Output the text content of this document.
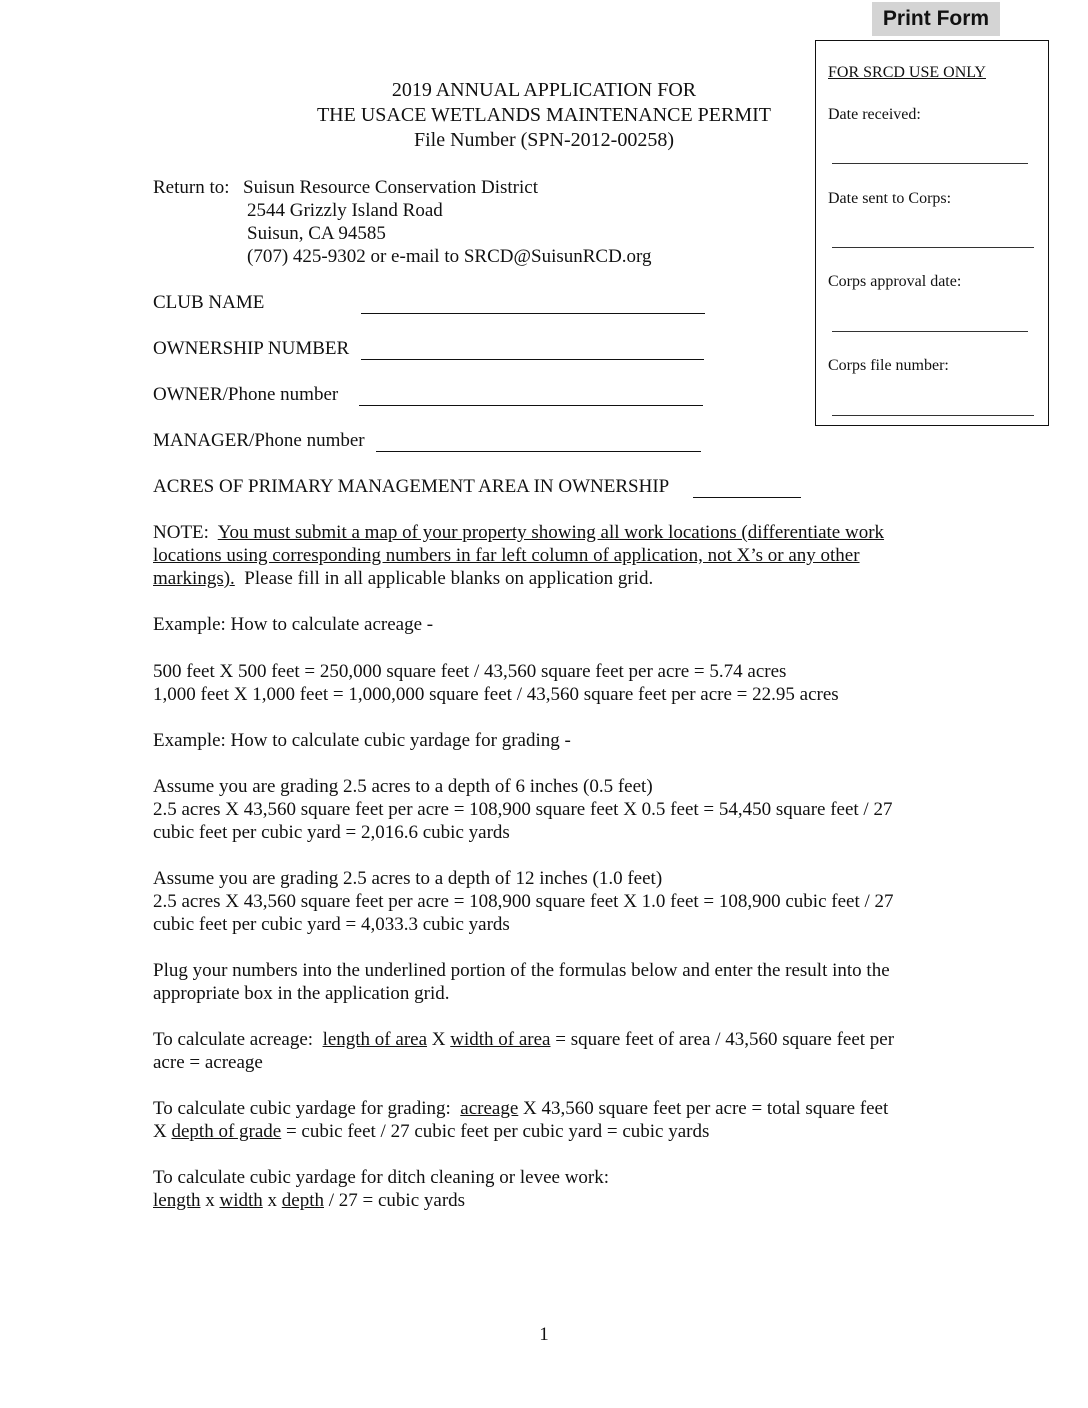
Print Form
FOR SRCD USE ONLY
Date received:
Date sent to Corps:
Corps approval date:
Corps file number:
2019 ANNUAL APPLICATION FOR
THE USACE WETLANDS MAINTENANCE PERMIT
File Number (SPN-2012-00258)
Return to: Suisun Resource Conservation District
2544 Grizzly Island Road
Suisun, CA 94585
(707) 425-9302 or e-mail to SRCD@SuisunRCD.org
CLUB NAME
OWNERSHIP NUMBER
OWNER/Phone number
MANAGER/Phone number
ACRES OF PRIMARY MANAGEMENT AREA IN OWNERSHIP
NOTE: You must submit a map of your property showing all work locations (differentiate work
locations using corresponding numbers in far left column of application, not X’s or any other
markings). Please fill in all applicable blanks on application grid.
Example: How to calculate acreage -
500 feet X 500 feet = 250,000 square feet / 43,560 square feet per acre = 5.74 acres
1,000 feet X 1,000 feet = 1,000,000 square feet / 43,560 square feet per acre = 22.95 acres
Example: How to calculate cubic yardage for grading -
Assume you are grading 2.5 acres to a depth of 6 inches (0.5 feet)
2.5 acres X 43,560 square feet per acre = 108,900 square feet X 0.5 feet = 54,450 square feet / 27
cubic feet per cubic yard = 2,016.6 cubic yards
Assume you are grading 2.5 acres to a depth of 12 inches (1.0 feet)
2.5 acres X 43,560 square feet per acre = 108,900 square feet X 1.0 feet = 108,900 cubic feet / 27
cubic feet per cubic yard = 4,033.3 cubic yards
Plug your numbers into the underlined portion of the formulas below and enter the result into the
appropriate box in the application grid.
To calculate acreage: length of area X width of area = square feet of area / 43,560 square feet per
acre = acreage
To calculate cubic yardage for grading: acreage X 43,560 square feet per acre = total square feet
X depth of grade = cubic feet / 27 cubic feet per cubic yard = cubic yards
To calculate cubic yardage for ditch cleaning or levee work:
length x width x depth / 27 = cubic yards
1
